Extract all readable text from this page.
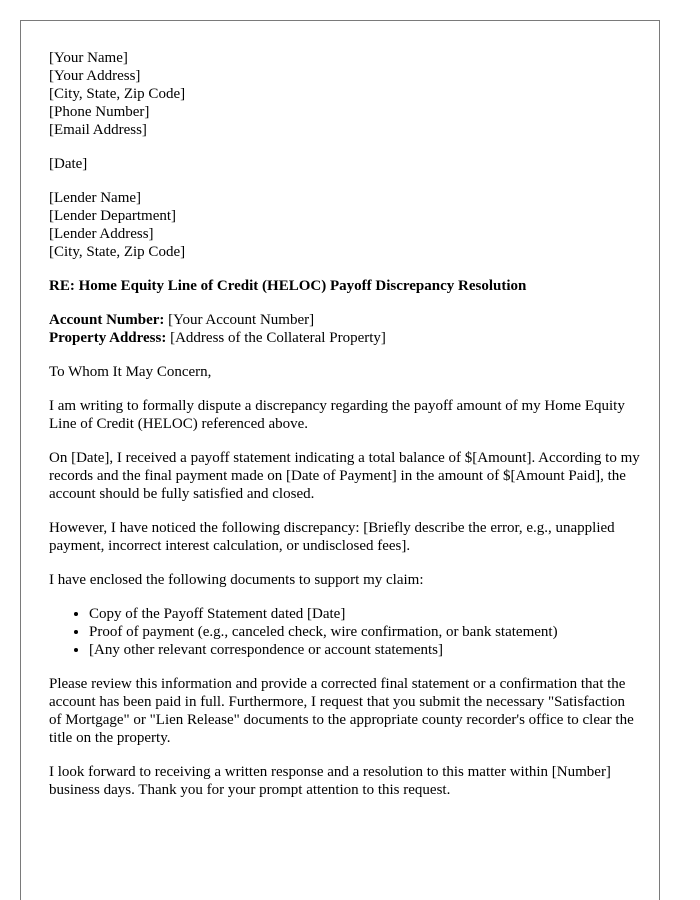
[Your Name]
[Your Address]
[City, State, Zip Code]
[Phone Number]
[Email Address]
[Date]
[Lender Name]
[Lender Department]
[Lender Address]
[City, State, Zip Code]

RE: Home Equity Line of Credit (HELOC) Payoff Discrepancy Resolution

Account Number: [Your Account Number]
Property Address: [Address of the Collateral Property]

To Whom It May Concern,

I am writing to formally dispute a discrepancy regarding the payoff amount of my Home Equity Line of Credit (HELOC) referenced above.

On [Date], I received a payoff statement indicating a total balance of $[Amount]. According to my records and the final payment made on [Date of Payment] in the amount of $[Amount Paid], the account should be fully satisfied and closed.

However, I have noticed the following discrepancy: [Briefly describe the error, e.g., unapplied payment, incorrect interest calculation, or undisclosed fees].

I have enclosed the following documents to support my claim:

• Copy of the Payoff Statement dated [Date]
• Proof of payment (e.g., canceled check, wire confirmation, or bank statement)
• [Any other relevant correspondence or account statements]

Please review this information and provide a corrected final statement or a confirmation that the account has been paid in full. Furthermore, I request that you submit the necessary "Satisfaction of Mortgage" or "Lien Release" documents to the appropriate county recorder's office to clear the title on the property.

I look forward to receiving a written response and a resolution to this matter within [Number] business days. Thank you for your prompt attention to this request.
